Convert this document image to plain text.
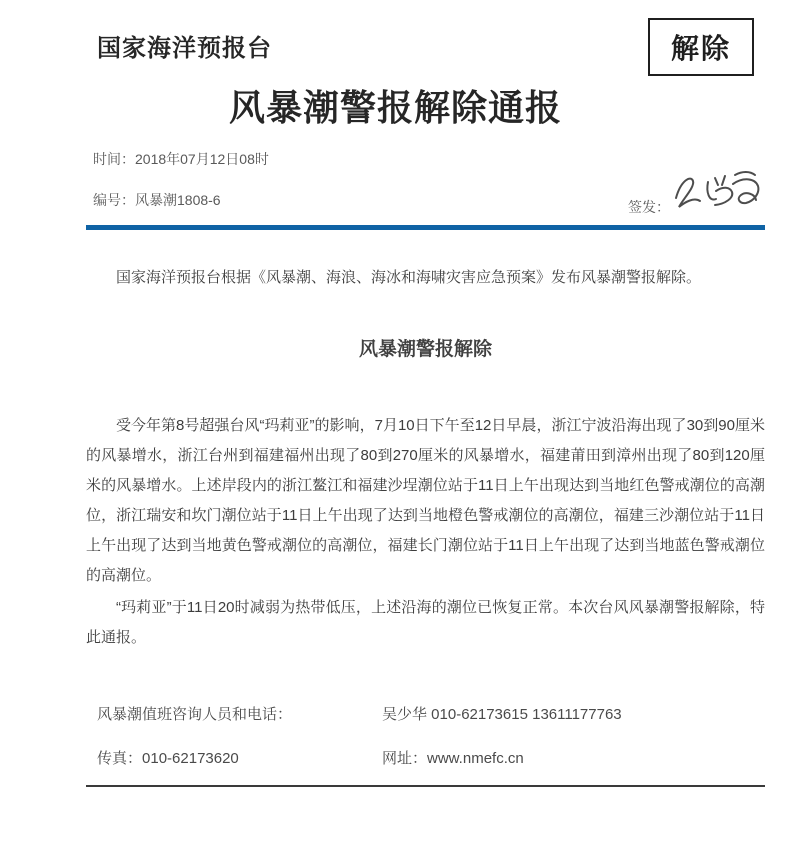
国家海洋预报台	解除
风暴潮警报解除通报
时间：2018年07月12日08时
编号：风暴潮1808-6	签发：

国家海洋预报台根据《风暴潮、海浪、海冰和海啸灾害应急预案》发布风暴潮警报解除。

风暴潮警报解除

受今年第8号超强台风“玛莉亚”的影响，7月10日下午至12日早晨，浙江宁波沿海出现了30到90厘米的风暴增水，浙江台州到福建福州出现了80到270厘米的风暴增水，福建莆田到漳州出现了80到120厘米的风暴增水。上述岸段内的浙江鳌江和福建沙埕潮位站于11日上午出现达到当地红色警戒潮位的高潮位，浙江瑞安和坎门潮位站于11日上午出现了达到当地橙色警戒潮位的高潮位，福建三沙潮位站于11日上午出现了达到当地黄色警戒潮位的高潮位，福建长门潮位站于11日上午出现了达到当地蓝色警戒潮位的高潮位。

“玛莉亚”于11日20时减弱为热带低压，上述沿海的潮位已恢复正常。本次台风风暴潮警报解除，特此通报。

风暴潮值班咨询人员和电话：	吴少华 010-62173615 13611177763
传真：010-62173620	网址：www.nmefc.cn
